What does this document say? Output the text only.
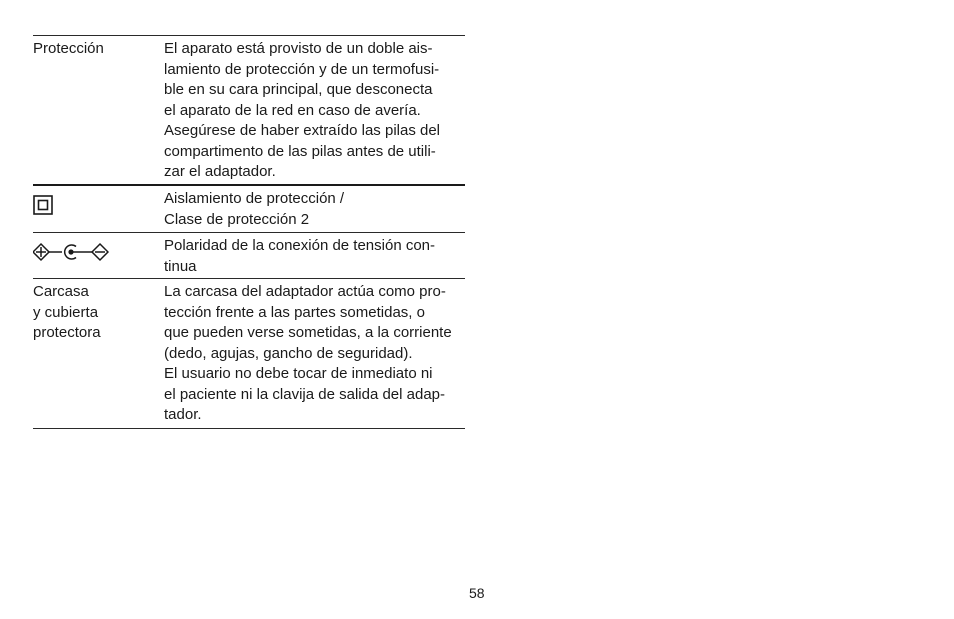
Protección	El aparato está provisto de un doble ais-
lamiento de protección y de un termofusi-
ble en su cara principal, que desconecta
el aparato de la red en caso de avería.
Asegúrese de haber extraído las pilas del
compartimento de las pilas antes de utili-
zar el adaptador.
Aislamiento de protección /
Clase de protección 2
Polaridad de la conexión de tensión con-
tinua
Carcasa
y cubierta
protectora
La carcasa del adaptador actúa como pro-
tección frente a las partes sometidas, o
que pueden verse sometidas, a la corriente
(dedo, agujas, gancho de seguridad).
El usuario no debe tocar de inmediato ni
el paciente ni la clavija de salida del adap-
tador.
58
